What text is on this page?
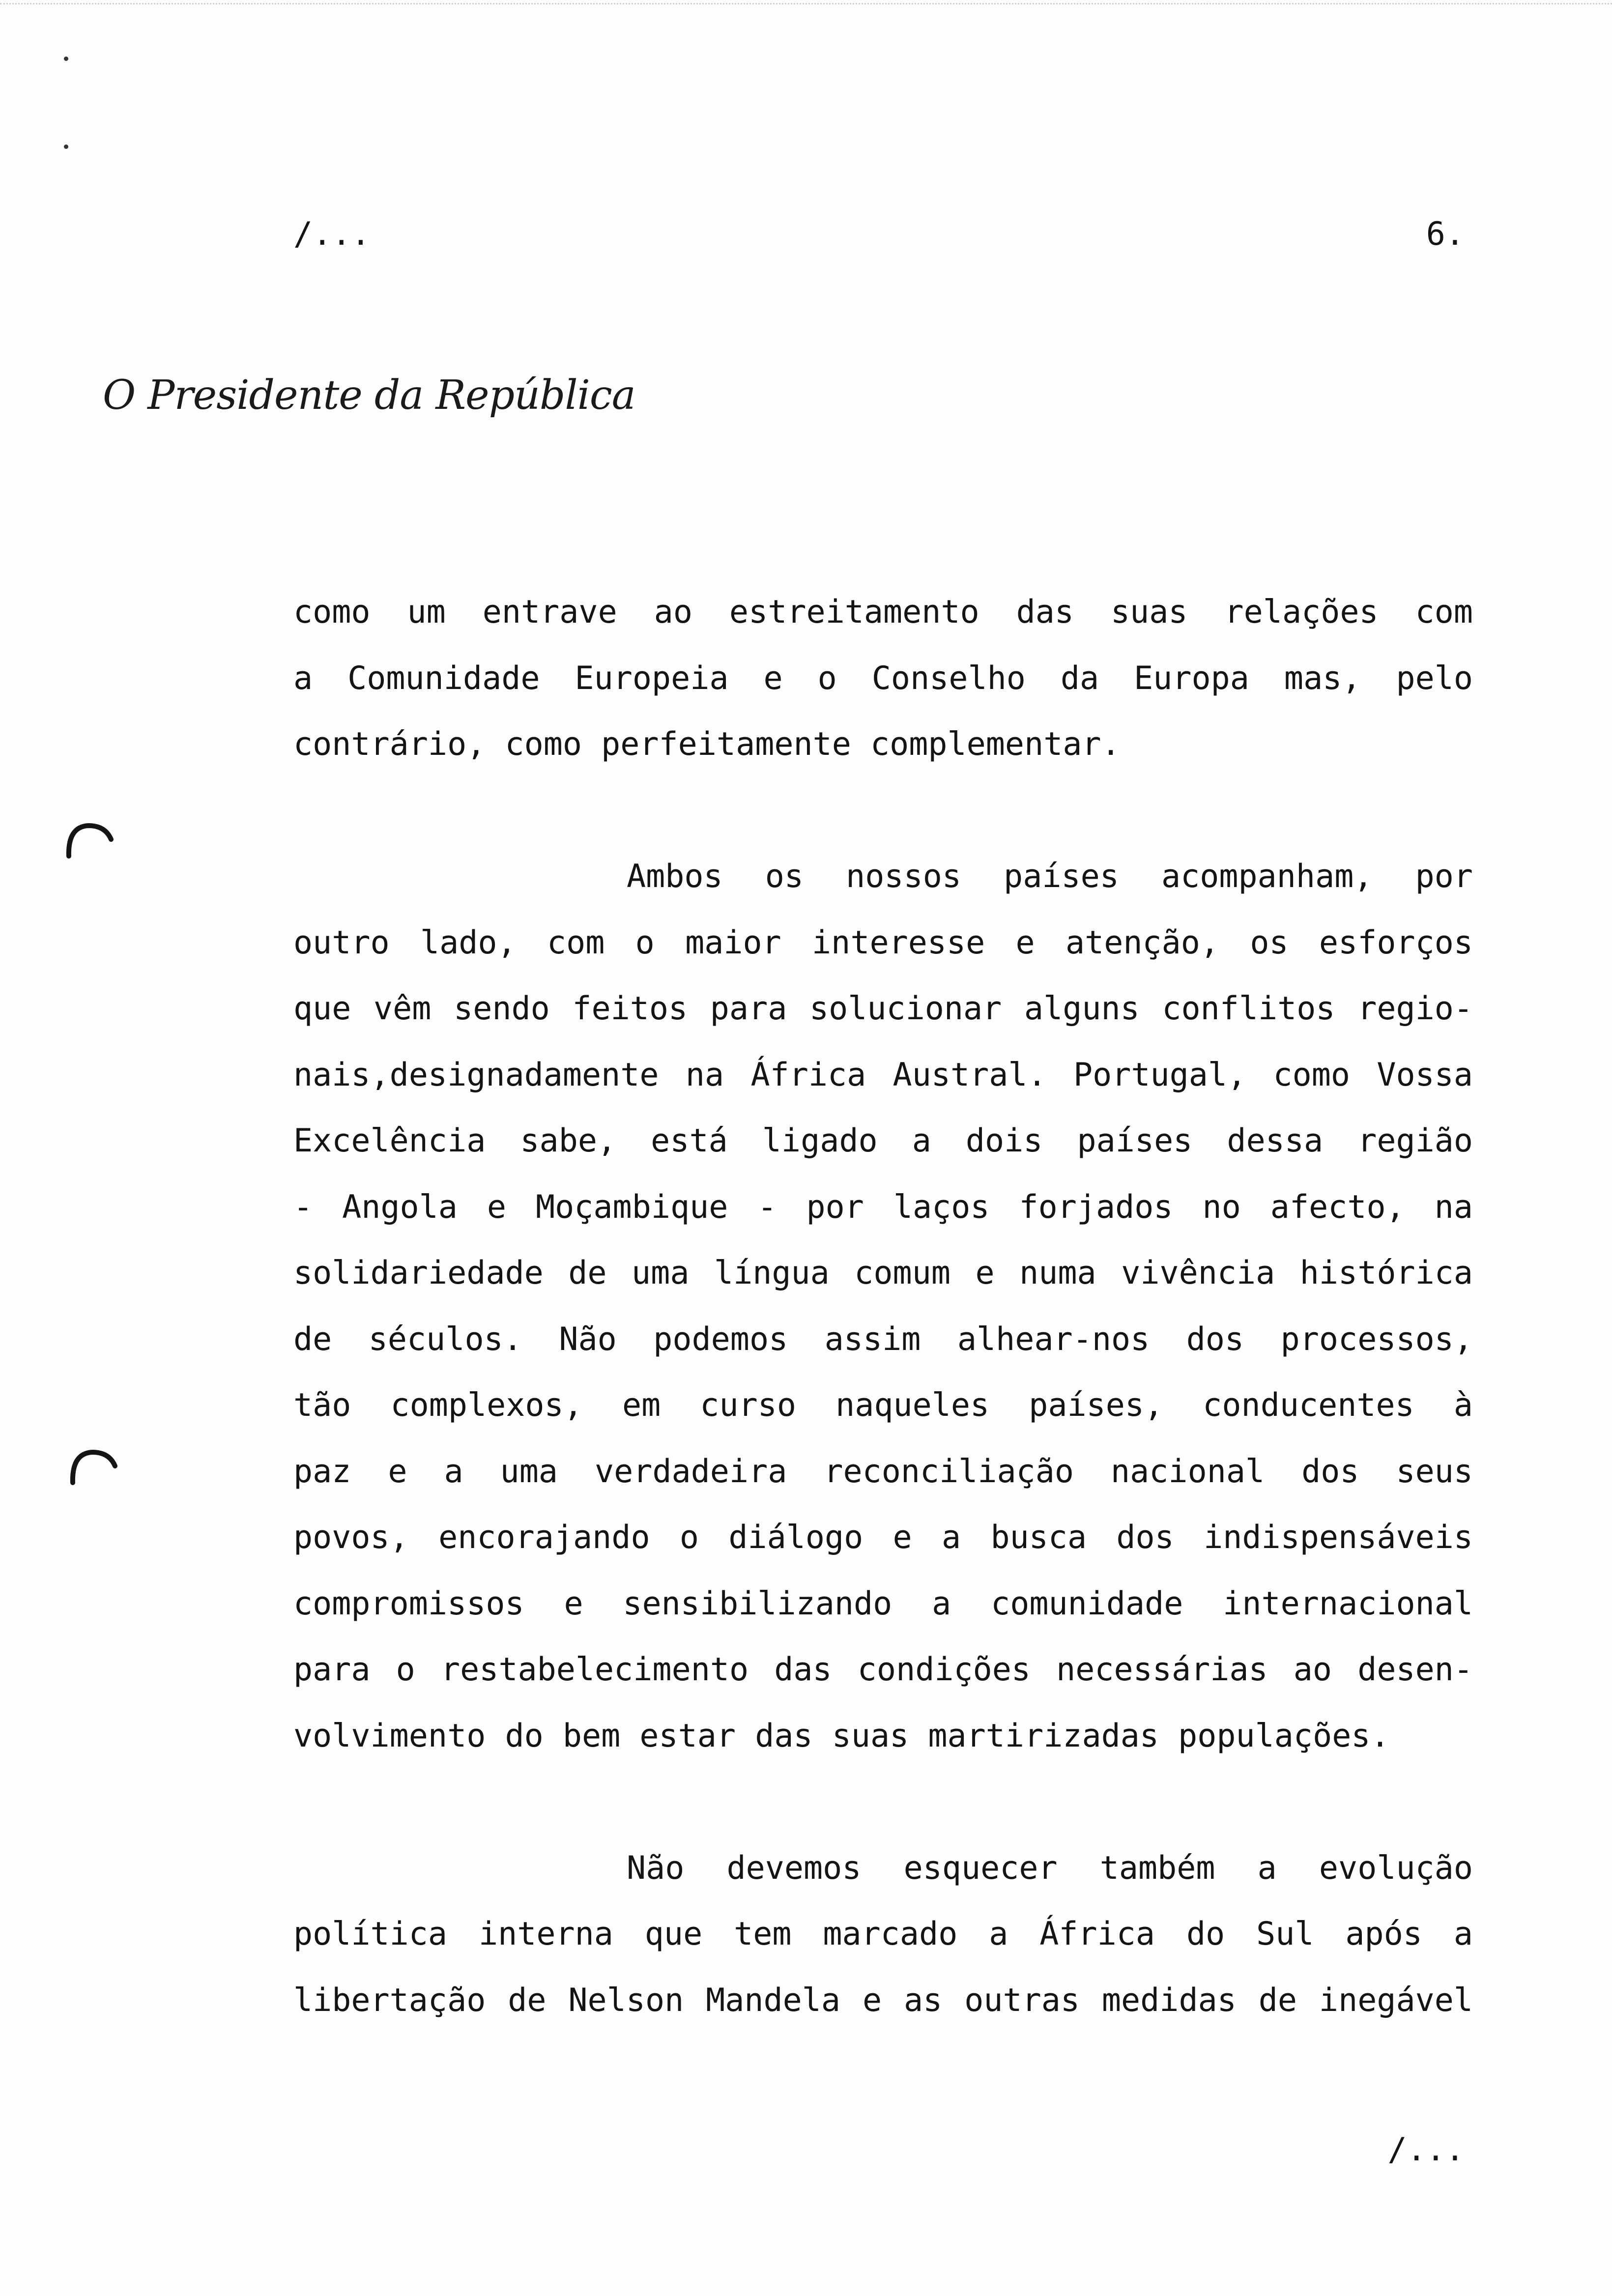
/...	6.
O Presidente da República
como um entrave ao estreitamento das suas relações com
a Comunidade Europeia e o Conselho da Europa mas, pelo
contrário, como perfeitamente complementar.
Ambos os nossos países acompanham, por
outro lado, com o maior interesse e atenção, os esforços
que vêm sendo feitos para solucionar alguns conflitos regio-
nais,designadamente na África Austral. Portugal, como Vossa
Excelência sabe, está ligado a dois países dessa região
- Angola e Moçambique - por laços forjados no afecto, na
solidariedade de uma língua comum e numa vivência histórica
de séculos. Não podemos assim alhear-nos dos processos,
tão complexos, em curso naqueles países, conducentes à
paz e a uma verdadeira reconciliação nacional dos seus
povos, encorajando o diálogo e a busca dos indispensáveis
compromissos e sensibilizando a comunidade internacional
para o restabelecimento das condições necessárias ao desen-
volvimento do bem estar das suas martirizadas populações.
Não devemos esquecer também a evolução
política interna que tem marcado a África do Sul após a
libertação de Nelson Mandela e as outras medidas de inegável
/...
